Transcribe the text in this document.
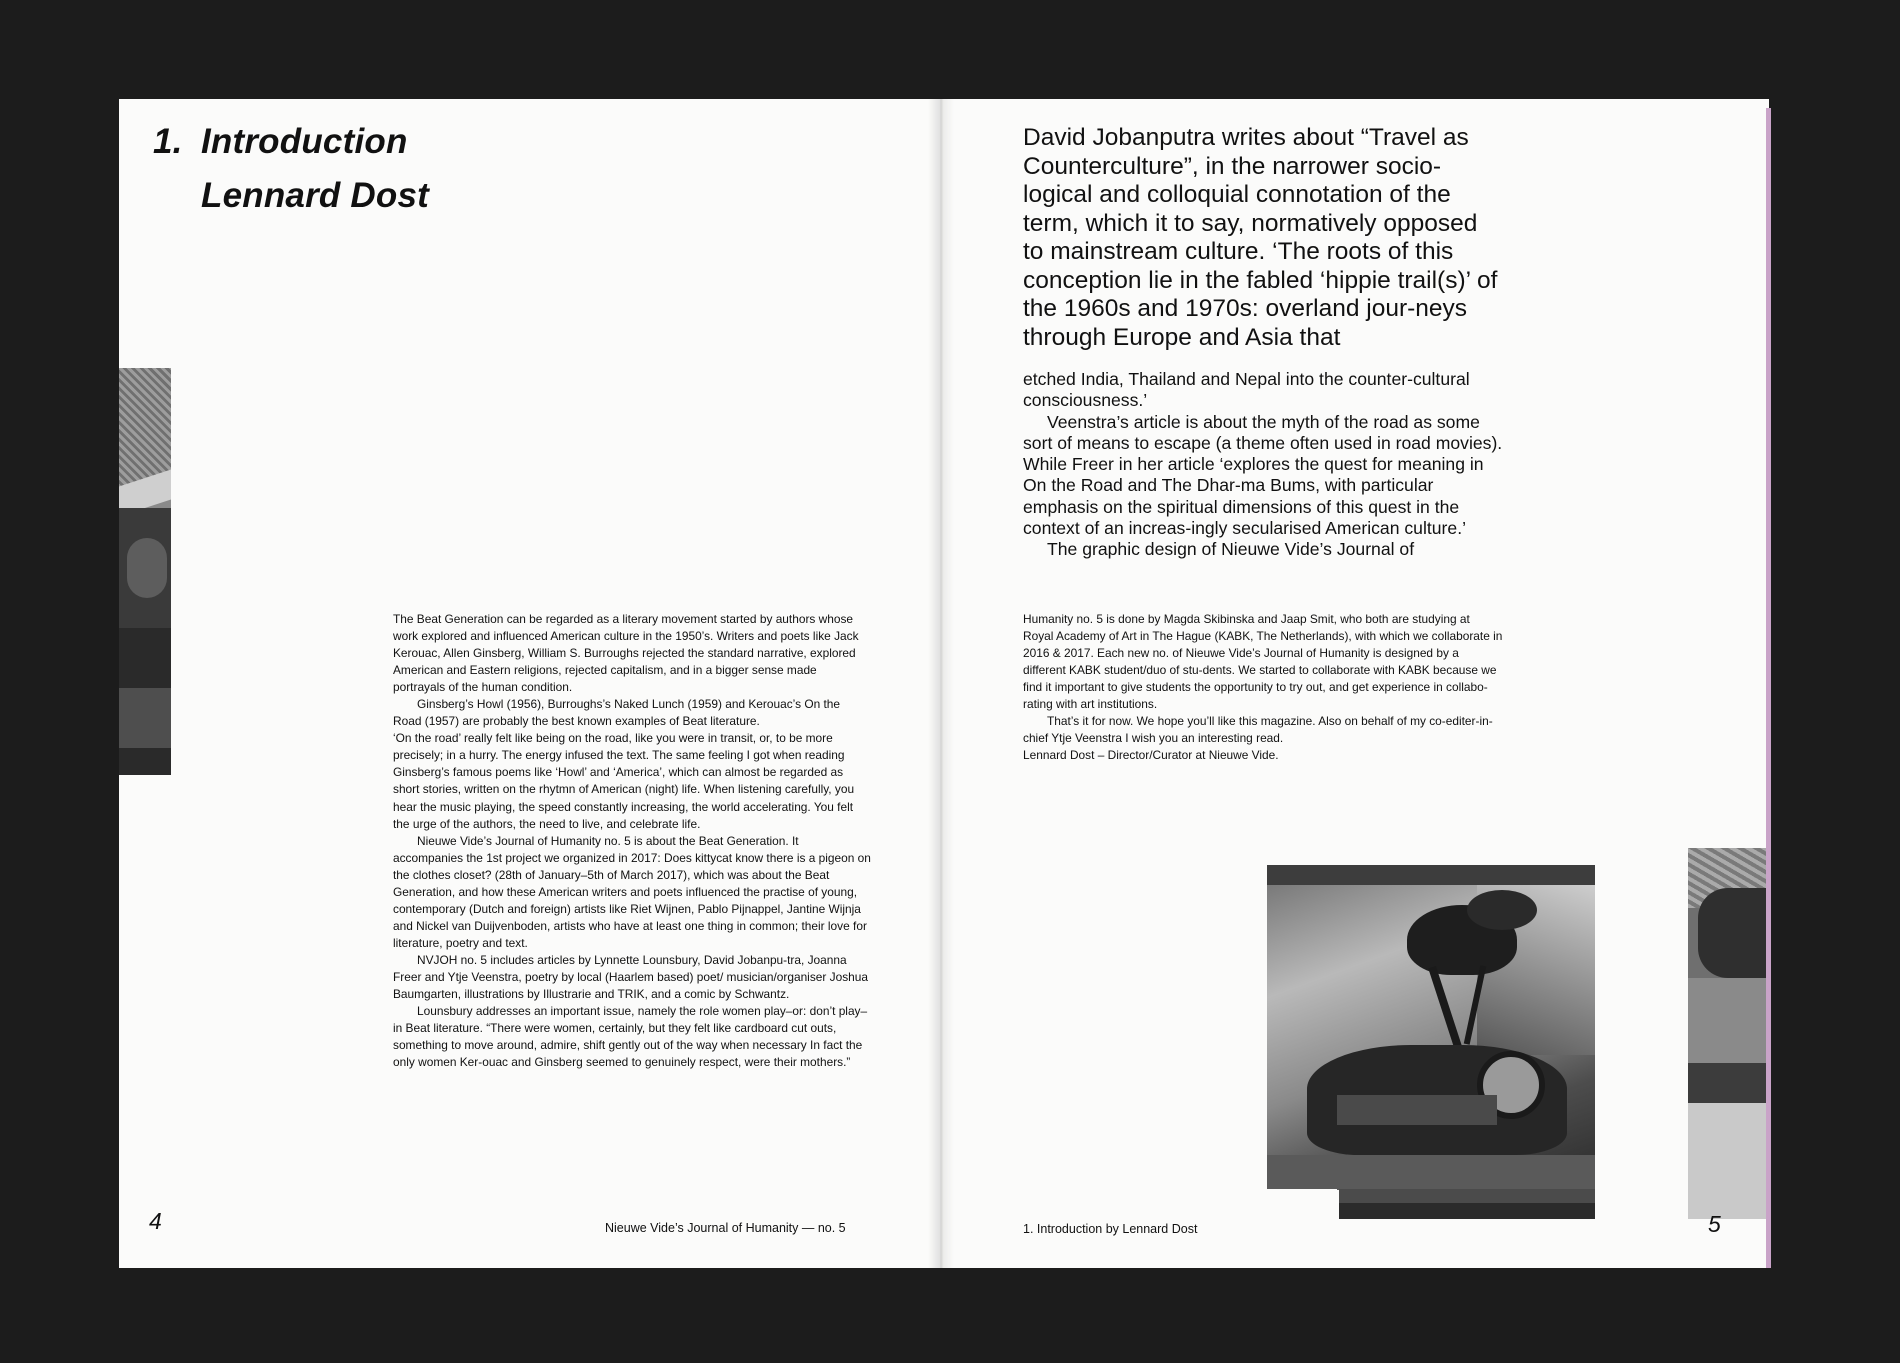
1. Introduction
Lennard Dost

The Beat Generation can be regarded as a literary movement started by authors whose work explored and influenced American culture in the 1950’s. Writers and poets like Jack Kerouac, Allen Ginsberg, William S. Burroughs rejected the standard narrative, explored American and Eastern religions, rejected capitalism, and in a bigger sense made portrayals of the human condition.

Ginsberg’s Howl (1956), Burroughs’s Naked Lunch (1959) and Kerouac’s On the Road (1957) are probably the best known examples of Beat literature.

‘On the road’ really felt like being on the road, like you were in transit, or, to be more precisely; in a hurry. The energy infused the text. The same feeling I got when reading Ginsberg’s famous poems like ‘Howl’ and ‘America’, which can almost be regarded as short stories, written on the rhytmn of American (night) life. When listening carefully, you hear the music playing, the speed constantly increasing, the world accelerating. You felt the urge of the authors, the need to live, and celebrate life.

Nieuwe Vide’s Journal of Humanity no. 5 is about the Beat Generation. It accompanies the 1st project we organized in 2017: Does kittycat know there is a pigeon on the clothes closet? (28th of January–5th of March 2017), which was about the Beat Generation, and how these American writers and poets influenced the practise of young, contemporary (Dutch and foreign) artists like Riet Wijnen, Pablo Pijnappel, Jantine Wijnja and Nickel van Duijvenboden, artists who have at least one thing in common; their love for literature, poetry and text.

NVJOH no. 5 includes articles by Lynnette Lounsbury, David Jobanpu-tra, Joanna Freer and Ytje Veenstra, poetry by local (Haarlem based) poet/ musician/organiser Joshua Baumgarten, illustrations by Illustrarie and TRIK, and a comic by Schwantz.

Lounsbury addresses an important issue, namely the role women play–or: don’t play–in Beat literature. “There were women, certainly, but they felt like cardboard cut outs, something to move around, admire, shift gently out of the way when necessary In fact the only women Ker-ouac and Ginsberg seemed to genuinely respect, were their mothers.”

4	Nieuwe Vide’s Journal of Humanity — no. 5

David Jobanputra writes about “Travel as Counterculture”, in the narrower socio-logical and colloquial connotation of the term, which it to say, normatively opposed to mainstream culture. ‘The roots of this conception lie in the fabled ‘hippie trail(s)’ of the 1960s and 1970s: overland jour-neys through Europe and Asia that

etched India, Thailand and Nepal into the counter-cultural consciousness.’

Veenstra’s article is about the myth of the road as some sort of means to escape (a theme often used in road movies). While Freer in her article ‘explores the quest for meaning in On the Road and The Dhar-ma Bums, with particular emphasis on the spiritual dimensions of this quest in the context of an increas-ingly secularised American culture.’

The graphic design of Nieuwe Vide’s Journal of

Humanity no. 5 is done by Magda Skibinska and Jaap Smit, who both are studying at Royal Academy of Art in The Hague (KABK, The Netherlands), with which we collaborate in 2016 & 2017. Each new no. of Nieuwe Vide’s Journal of Humanity is designed by a different KABK student/duo of stu-dents. We started to collaborate with KABK because we find it important to give students the opportunity to try out, and get experience in collabo-rating with art institutions.

That’s it for now. We hope you’ll like this magazine. Also on behalf of my co-editer-in-chief Ytje Veenstra I wish you an interesting read.

Lennard Dost – Director/Curator at Nieuwe Vide.

1. Introduction by Lennard Dost	5
